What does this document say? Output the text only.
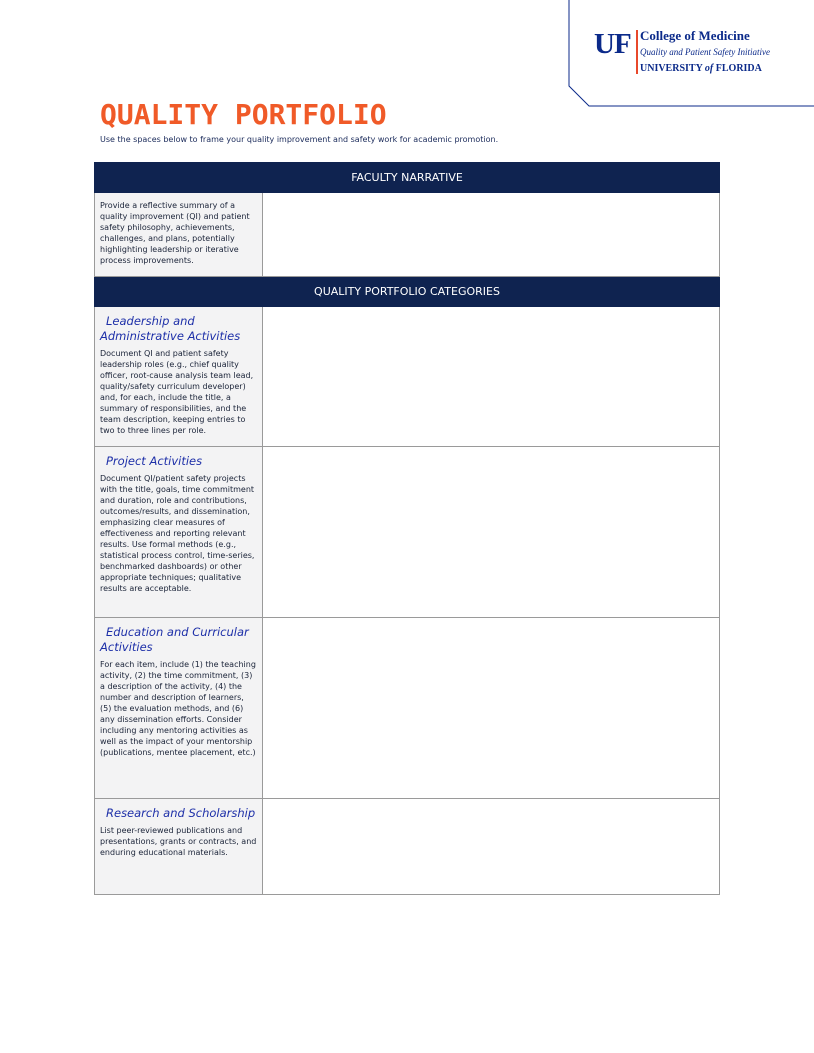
UF College of Medicine
Quality and Patient Safety Initiative
UNIVERSITY of FLORIDA
QUALITY PORTFOLIO
Use the spaces below to frame your quality improvement and safety work for academic promotion.
FACULTY NARRATIVE	

Provide a reflective summary of a quality improvement (QI) and patient safety philosophy, achievements, challenges, and plans, potentially highlighting leadership or iterative process improvements.	

QUALITY PORTFOLIO CATEGORIES	

Leadership and Administrative Activities
Document QI and patient safety leadership roles (e.g., chief quality officer, root-cause analysis team lead, quality/safety curriculum developer) and, for each, include the title, a summary of responsibilities, and the team description, keeping entries to two to three lines per role.	

Project Activities
Document QI/patient safety projects with the title, goals, time commitment and duration, role and contributions, outcomes/results, and dissemination, emphasizing clear measures of effectiveness and reporting relevant results. Use formal methods (e.g., statistical process control, time-series, benchmarked dashboards) or other appropriate techniques; qualitative results are acceptable.	

Education and Curricular Activities
For each item, include (1) the teaching activity, (2) the time commitment, (3) a description of the activity, (4) the number and description of learners, (5) the evaluation methods, and (6) any dissemination efforts. Consider including any mentoring activities as well as the impact of your mentorship (publications, mentee placement, etc.)	

Research and Scholarship
List peer-reviewed publications and presentations, grants or contracts, and enduring educational materials.	
